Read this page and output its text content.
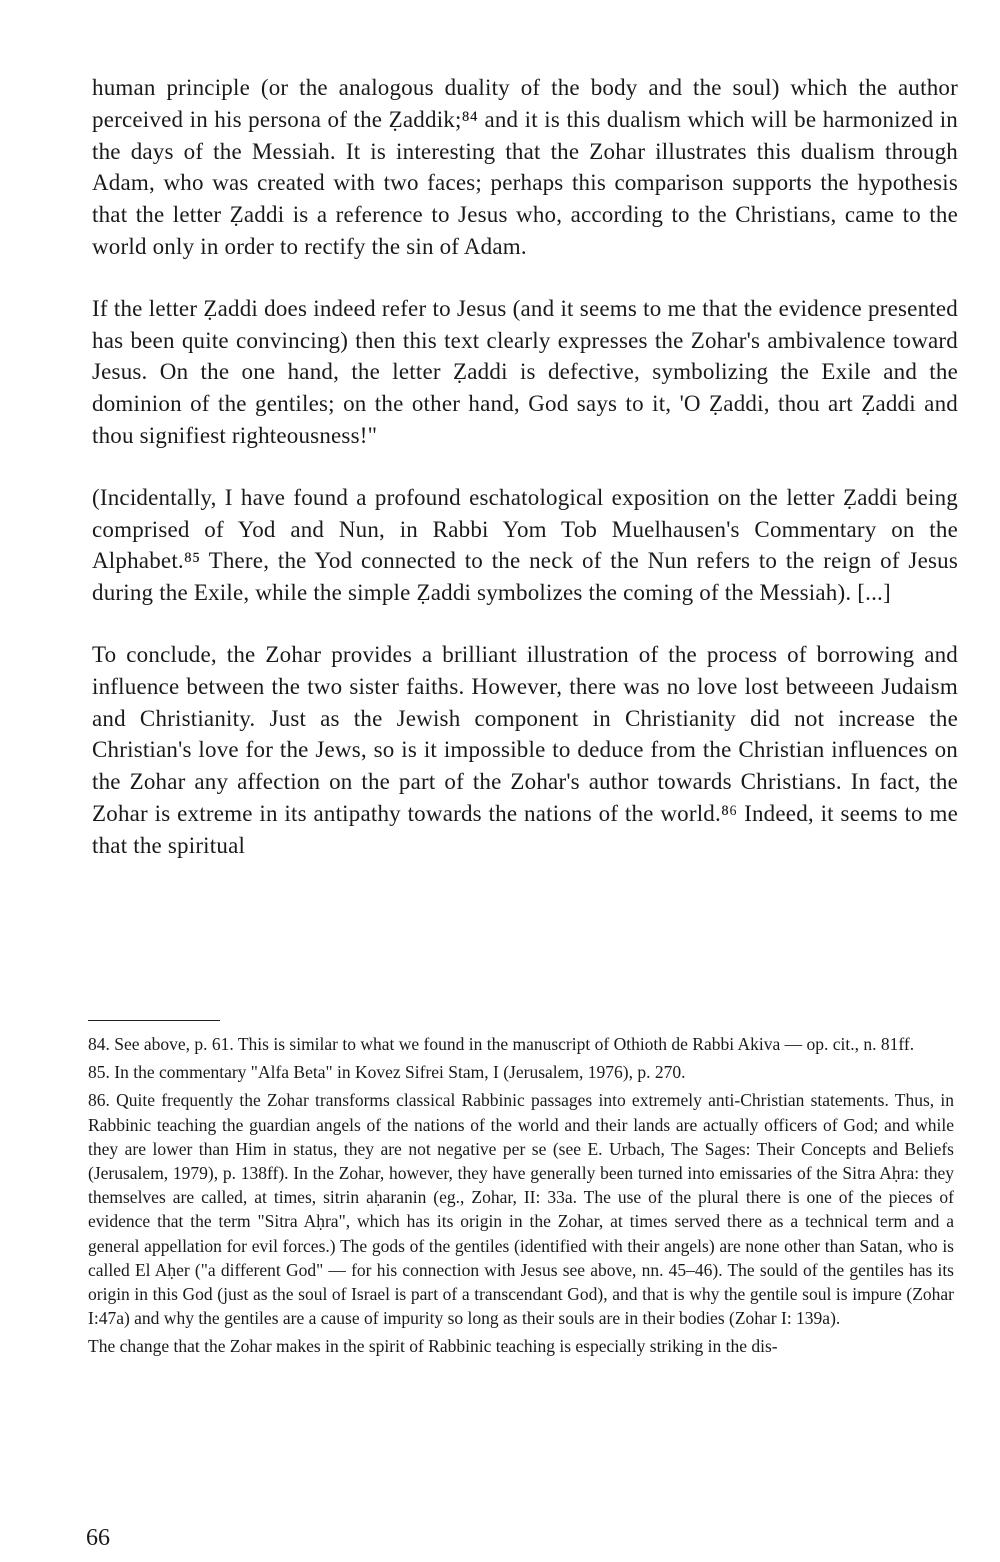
human principle (or the analogous duality of the body and the soul) which the author perceived in his persona of the Ẓaddik;⁸⁴ and it is this dualism which will be harmonized in the days of the Messiah. It is interesting that the Zohar illustrates this dualism through Adam, who was created with two faces; perhaps this comparison supports the hypothesis that the letter Ẓaddi is a reference to Jesus who, according to the Christians, came to the world only in order to rectify the sin of Adam.

If the letter Ẓaddi does indeed refer to Jesus (and it seems to me that the evidence presented has been quite convincing) then this text clearly expresses the Zohar's ambivalence toward Jesus. On the one hand, the letter Ẓaddi is defective, symbolizing the Exile and the dominion of the gentiles; on the other hand, God says to it, 'O Ẓaddi, thou art Ẓaddi and thou signifiest righteousness!"

(Incidentally, I have found a profound eschatological exposition on the letter Ẓaddi being comprised of Yod and Nun, in Rabbi Yom Tob Muelhausen's Commentary on the Alphabet.⁸⁵ There, the Yod connected to the neck of the Nun refers to the reign of Jesus during the Exile, while the simple Ẓaddi symbolizes the coming of the Messiah). [...]

To conclude, the Zohar provides a brilliant illustration of the process of borrowing and influence between the two sister faiths. However, there was no love lost betweeen Judaism and Christianity. Just as the Jewish component in Christianity did not increase the Christian's love for the Jews, so is it impossible to deduce from the Christian influences on the Zohar any affection on the part of the Zohar's author towards Christians. In fact, the Zohar is extreme in its antipathy towards the nations of the world.⁸⁶ Indeed, it seems to me that the spiritual

84. See above, p. 61. This is similar to what we found in the manuscript of Othioth de Rabbi Akiva — op. cit., n. 81ff.

85. In the commentary "Alfa Beta" in Kovez Sifrei Stam, I (Jerusalem, 1976), p. 270.

86. Quite frequently the Zohar transforms classical Rabbinic passages into extremely anti-Christian statements. Thus, in Rabbinic teaching the guardian angels of the nations of the world and their lands are actually officers of God; and while they are lower than Him in status, they are not negative per se (see E. Urbach, The Sages: Their Concepts and Beliefs (Jerusalem, 1979), p. 138ff). In the Zohar, however, they have generally been turned into emissaries of the Sitra Aḥra: they themselves are called, at times, sitrin aḥaranin (eg., Zohar, II: 33a. The use of the plural there is one of the pieces of evidence that the term "Sitra Aḥra", which has its origin in the Zohar, at times served there as a technical term and a general appellation for evil forces.) The gods of the gentiles (identified with their angels) are none other than Satan, who is called El Aḥer ("a different God" — for his connection with Jesus see above, nn. 45–46). The sould of the gentiles has its origin in this God (just as the soul of Israel is part of a transcendant God), and that is why the gentile soul is impure (Zohar I:47a) and why the gentiles are a cause of impurity so long as their souls are in their bodies (Zohar I: 139a).

The change that the Zohar makes in the spirit of Rabbinic teaching is especially striking in the dis-

66
